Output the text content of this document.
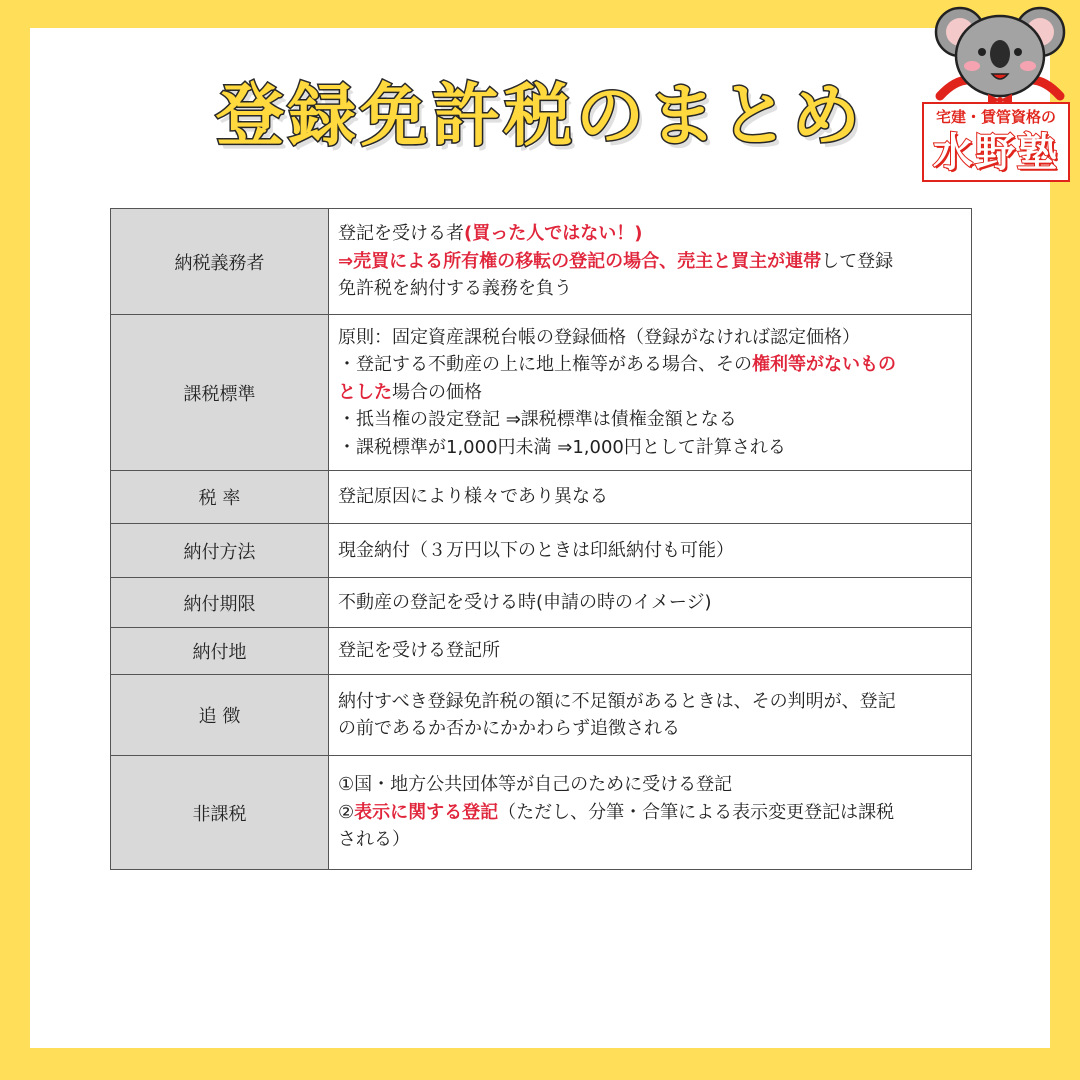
登録免許税のまとめ	宅建・賃管資格の
水野塾
納税義務者	登記を受ける者(買った人ではない！)
⇒売買による所有権の移転の登記の場合、売主と買主が連帯して登録
免許税を納付する義務を負う

課税標準	原則：固定資産課税台帳の登録価格（登録がなければ認定価格）
・登記する不動産の上に地上権等がある場合、その権利等がないもの
とした場合の価格
・抵当権の設定登記 ⇒課税標準は債権金額となる
・課税標準が1,000円未満 ⇒1,000円として計算される

税 率	登記原因により様々であり異なる

納付方法	現金納付（３万円以下のときは印紙納付も可能）

納付期限	不動産の登記を受ける時(申請の時のイメージ)

納付地	登記を受ける登記所

追 徴	納付すべき登録免許税の額に不足額があるときは、その判明が、登記
の前であるか否かにかかわらず追徴される

非課税	①国・地方公共団体等が自己のために受ける登記
②表示に関する登記（ただし、分筆・合筆による表示変更登記は課税
される）
